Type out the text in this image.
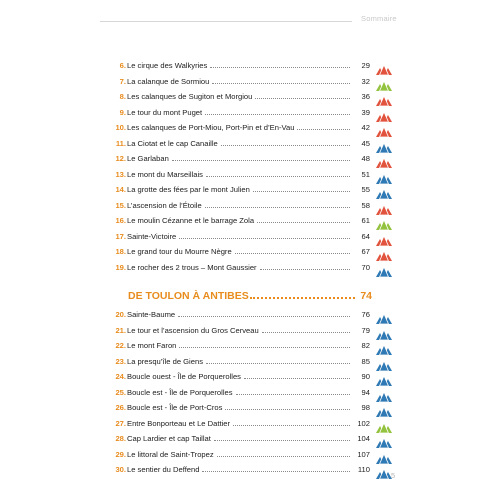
Sommaire
6. Le cirque des Walkyries	29
7. La calanque de Sormiou	32
8. Les calanques de Sugiton et Morgiou	36
9. Le tour du mont Puget	39
10. Les calanques de Port-Miou, Port-Pin et d’En-Vau	42
11. La Ciotat et le cap Canaille	45
12. Le Garlaban	48
13. Le mont du Marseillais	51
14. La grotte des fées par le mont Julien	55
15. L’ascension de l’Étoile	58
16. Le moulin Cézanne et le barrage Zola	61
17. Sainte-Victoire	64
18. Le grand tour du Mourre Nègre	67
19. Le rocher des 2 trous – Mont Gaussier	70
DE TOULON À ANTIBES	74
20. Sainte-Baume	76
21. Le tour et l’ascension du Gros Cerveau	79
22. Le mont Faron	82
23. La presqu’île de Giens	85
24. Boucle ouest - Île de Porquerolles	90
25. Boucle est - Île de Porquerolles	94
26. Boucle est - Île de Port-Cros	98
27. Entre Bonporteau et Le Dattier	102
28. Cap Lardier et cap Taillat	104
29. Le littoral de Saint-Tropez	107
30. Le sentier du Deffend	110
5
